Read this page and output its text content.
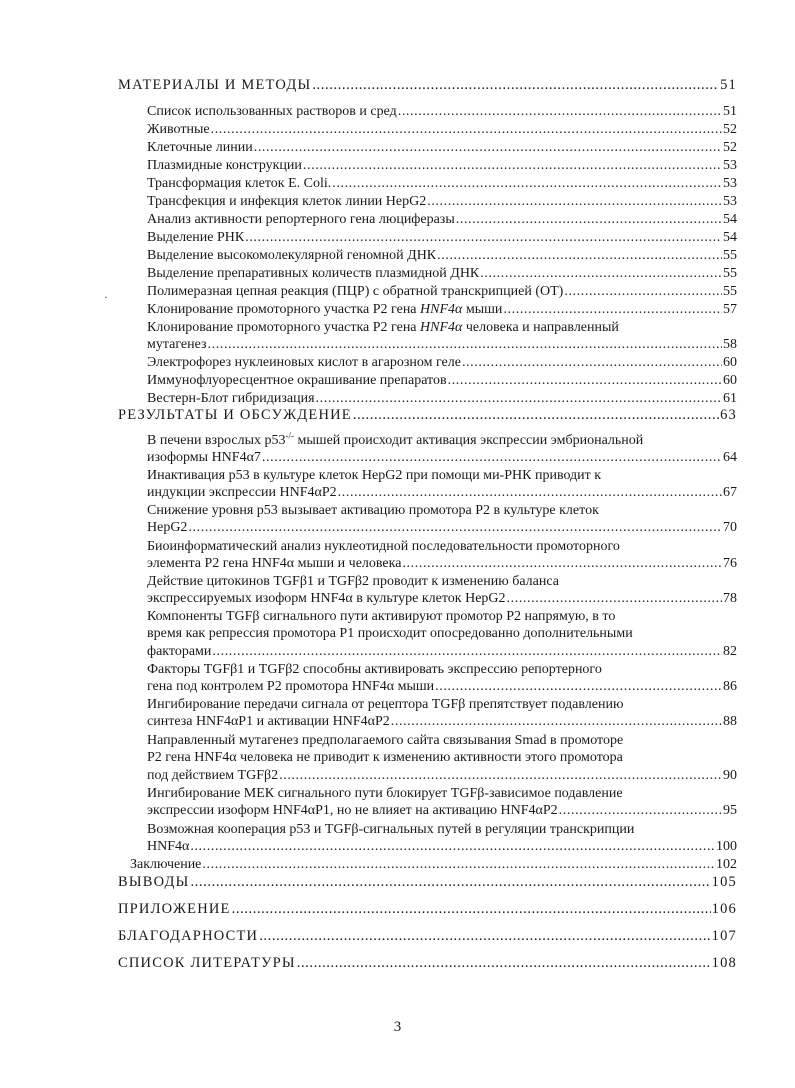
·
МАТЕРИАЛЫ И МЕТОДЫ .....	51
Список использованных растворов и сред .....	51
Животные .....	52
Клеточные линии .....	52
Плазмидные конструкции .....	53
Трансформация клеток E. Coli. .....	53
Трансфекция и инфекция клеток линии HepG2 .....	53
Анализ активности репортерного гена люциферазы .....	54
Выделение РНК .....	54
Выделение высокомолекулярной геномной ДНК .....	55
Выделение препаративных количеств плазмидной ДНК .....	55
Полимеразная цепная реакция (ПЦР) с обратной транскрипцией (ОТ) .....	55
Клонирование промоторного участка Р2 гена HNF4α мыши .....	57
Клонирование промоторного участка Р2 гена HNF4α человека и направленный
мутагенез .....	58
Электрофорез нуклеиновых кислот в агарозном геле .....	60
Иммунофлуоресцентное окрашивание препаратов .....	60
Вестерн-Блот гибридизация .....	61
РЕЗУЛЬТАТЫ И ОБСУЖДЕНИЕ .....	63
В печени взрослых p53-/- мышей происходит активация экспрессии эмбриональной
изоформы HNF4α7 .....	64
Инактивация p53 в культуре клеток HepG2 при помощи ми-РНК приводит к
индукции экспрессии HNF4αP2 .....	67
Снижение уровня p53 вызывает активацию промотора Р2 в культуре клеток
HepG2 .....	70
Биоинформатический анализ нуклеотидной последовательности промоторного
элемента Р2 гена HNF4α мыши и человека .....	76
Действие цитокинов TGFβ1 и TGFβ2 проводит к изменению баланса
экспрессируемых изоформ HNF4α в культуре клеток HepG2 .....	78
Компоненты TGFβ сигнального пути активируют промотор Р2 напрямую, в то
время как репрессия промотора Р1 происходит опосредованно дополнительными
факторами .....	82
Факторы TGFβ1 и TGFβ2 способны активировать экспрессию репортерного
гена под контролем Р2 промотора HNF4α мыши .....	86
Ингибирование передачи сигнала от рецептора TGFβ препятствует подавлению
синтеза HNF4αP1 и активации HNF4αP2 .....	88
Направленный мутагенез предполагаемого сайта связывания Smad в промоторе
Р2 гена HNF4α человека не приводит к изменению активности этого промотора
под действием TGFβ2 .....	90
Ингибирование МЕК сигнального пути блокирует TGFβ-зависимое подавление
экспрессии изоформ HNF4αP1, но не влияет на активацию HNF4αP2 .....	95
Возможная кооперация p53 и TGFβ-сигнальных путей в регуляции транскрипции
HNF4α .....	100
Заключение .....	102
ВЫВОДЫ .....	105
ПРИЛОЖЕНИЕ .....	106
БЛАГОДАРНОСТИ .....	107
СПИСОК ЛИТЕРАТУРЫ .....	108
3
